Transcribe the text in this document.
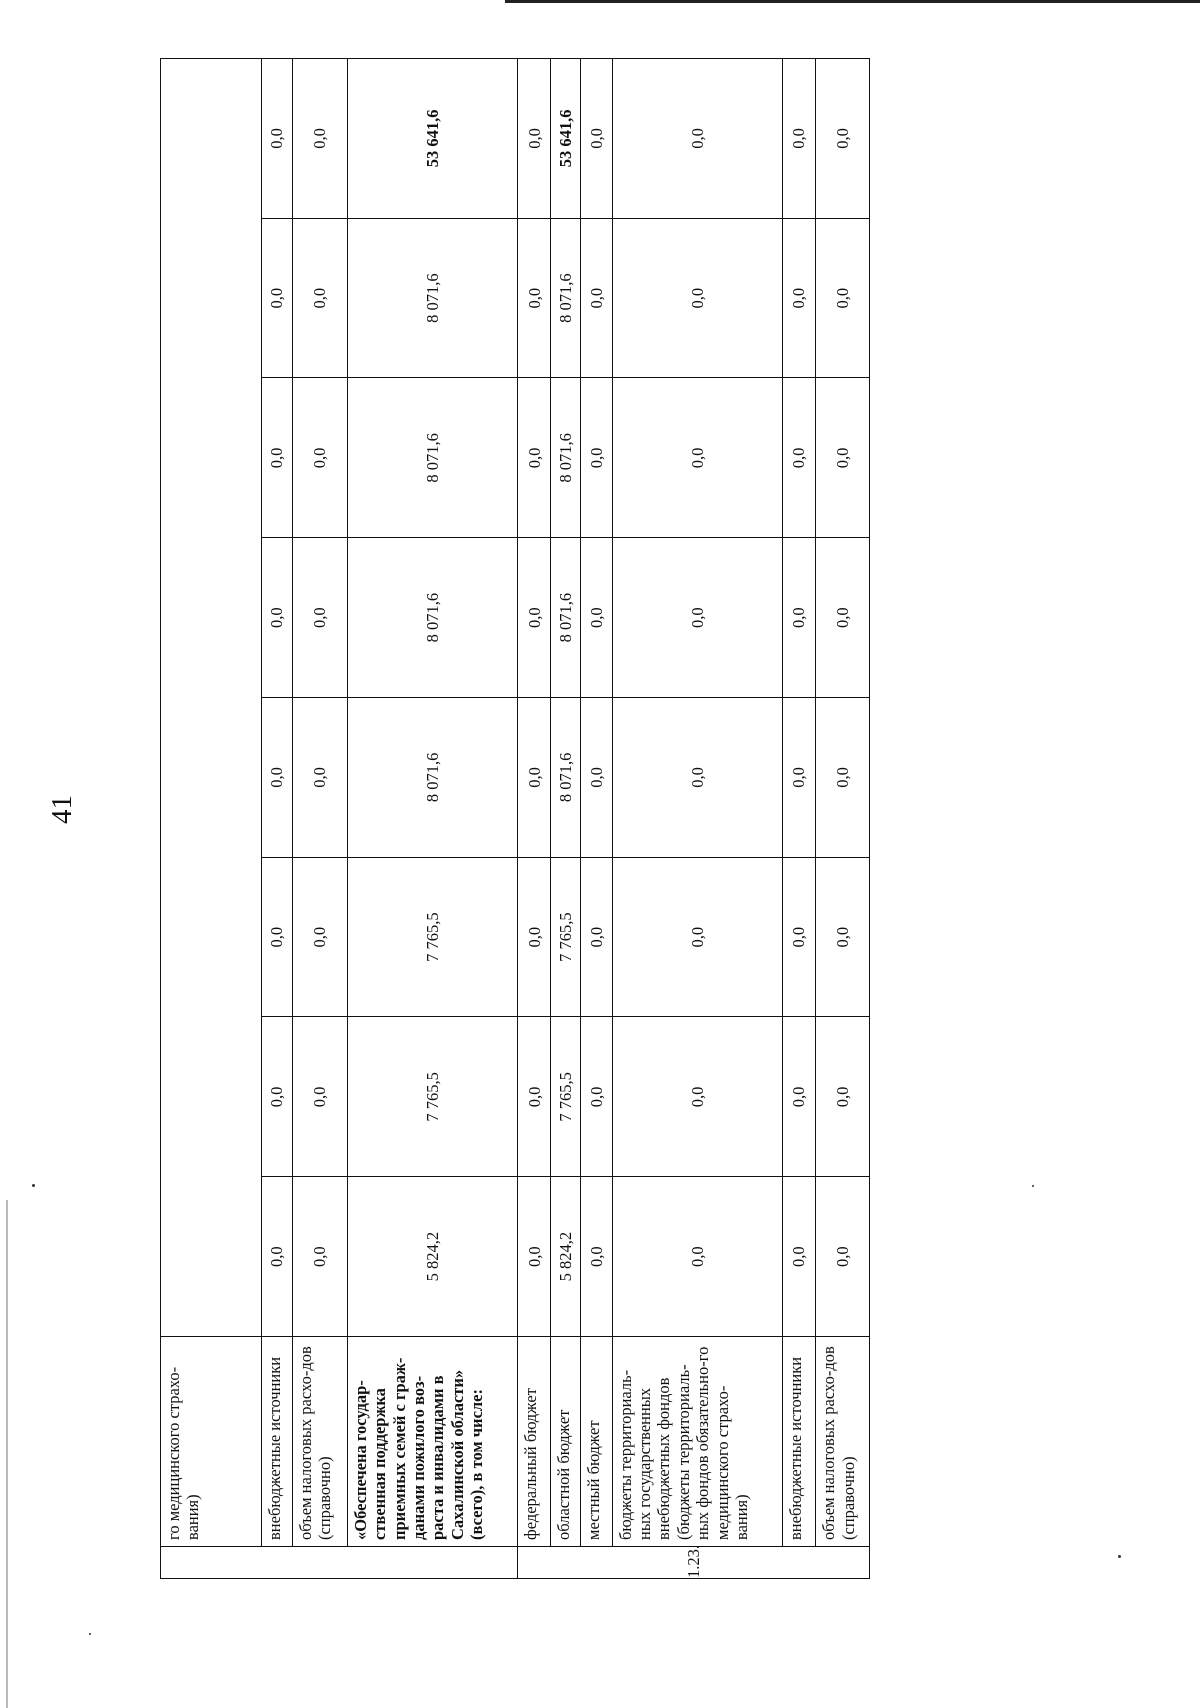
41
	го медицинского страхо-вания)								
	внебюджетные источники	0,0	0,0	0,0	0,0	0,0	0,0	0,0	0,0
	объем налоговых расхо-дов (справочно)	0,0	0,0	0,0	0,0	0,0	0,0	0,0	0,0
	«Обеспечена государ-ственная поддержка приемных семей с граж-данами пожилого воз-раста и инвалидами в Сахалинской области» (всего), в том числе:	5 824,2	7 765,5	7 765,5	8 071,6	8 071,6	8 071,6	8 071,6	53 641,6
1.23.	федеральный бюджет	0,0	0,0	0,0	0,0	0,0	0,0	0,0	0,0
	областной бюджет	5 824,2	7 765,5	7 765,5	8 071,6	8 071,6	8 071,6	8 071,6	53 641,6
	местный бюджет	0,0	0,0	0,0	0,0	0,0	0,0	0,0	0,0
	бюджеты территориаль-ных государственных внебюджетных фондов (бюджеты территориаль-ных фондов обязательно-го медицинского страхо-вания)	0,0	0,0	0,0	0,0	0,0	0,0	0,0	0,0
	внебюджетные источники	0,0	0,0	0,0	0,0	0,0	0,0	0,0	0,0
	объем налоговых расхо-дов (справочно)	0,0	0,0	0,0	0,0	0,0	0,0	0,0	0,0
